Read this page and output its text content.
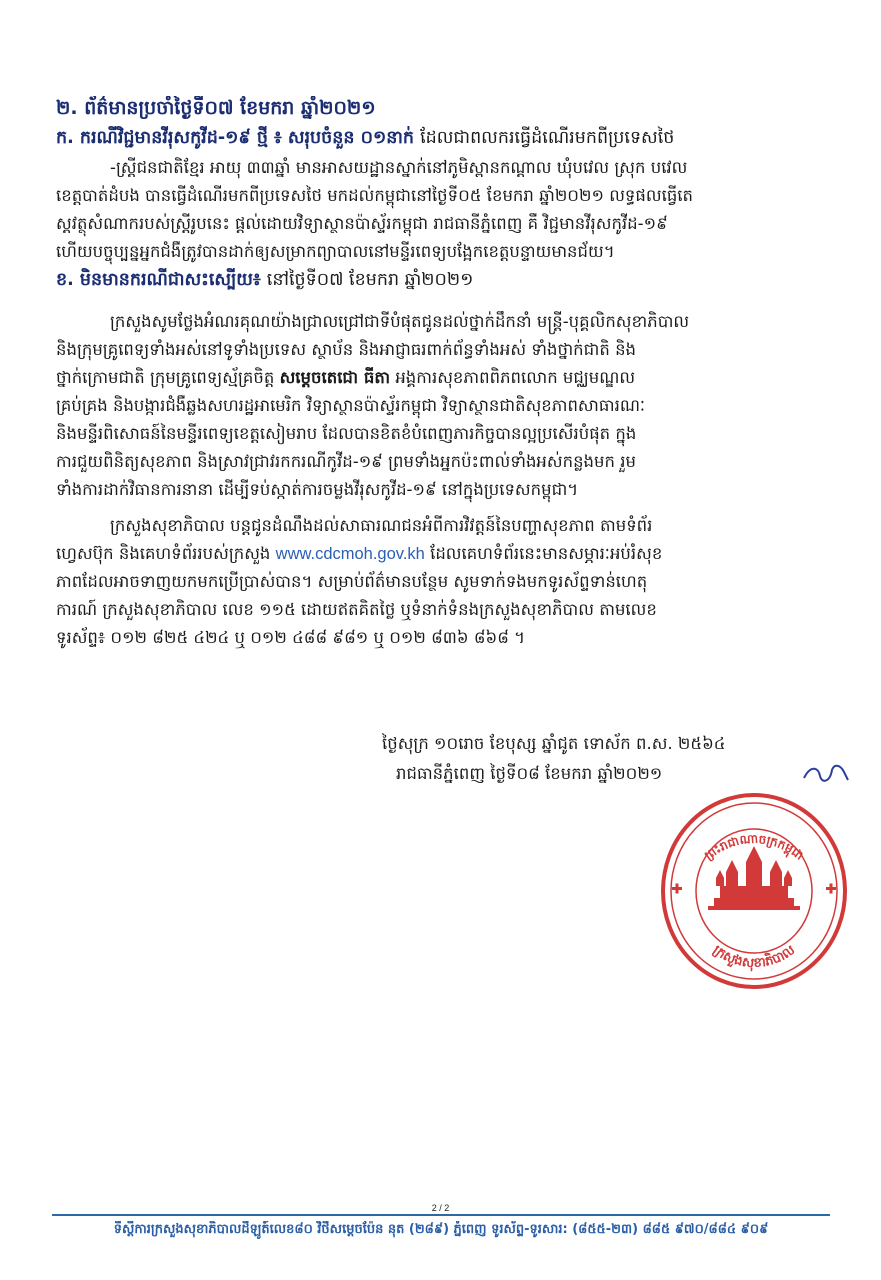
២. ព័ត៌មានប្រចាំថ្ងៃទី០៧ ខែមករា ឆ្នាំ២០២១
ក. ករណីវិជ្ជមានវីរុសកូវីដ-១៩ ថ្មី ៖ សរុបចំនួន ០១នាក់ ដែលជាពលករធ្វើដំណើរមកពីប្រទេសថៃ
-ស្ត្រីជនជាតិខ្មែរ អាយុ ៣៣ឆ្នាំ មានអាសយដ្ឋានស្នាក់នៅភូមិស្ពានកណ្តាល ឃុំបវេល ស្រុក បវេល
ខេត្តបាត់ដំបង បានធ្វើដំណើរមកពីប្រទេសថៃ មកដល់កម្ពុជានៅថ្ងៃទី០៥ ខែមករា ឆ្នាំ២០២១ លទ្ធផលធ្វើតេ
ស្តវត្ថុសំណាករបស់ស្ត្រីរូបនេះ ផ្តល់ដោយវិទ្យាស្ថានប៉ាស្ទ័រកម្ពុជា រាជធានីភ្នំពេញ គឺ វិជ្ជមានវីរុសកូវីដ-១៩
ហើយបច្ចុប្បន្នអ្នកជំងឺត្រូវបានដាក់ឲ្យសម្រាកព្យាបាលនៅមន្ទីរពេទ្យបង្អែកខេត្តបន្ទាយមានជ័យ។
ខ. មិនមានករណីជាសះស្បើយ៖ នៅថ្ងៃទី០៧ ខែមករា ឆ្នាំ២០២១
ក្រសួងសូមថ្លែងអំណរគុណយ៉ាងជ្រាលជ្រៅជាទីបំផុតជូនដល់ថ្នាក់ដឹកនាំ មន្ត្រី-បុគ្គលិកសុខាភិបាល
និងក្រុមគ្រូពេទ្យទាំងអស់នៅទូទាំងប្រទេស ស្ថាប័ន និងអាជ្ញាធរពាក់ព័ន្ធទាំងអស់ ទាំងថ្នាក់ជាតិ និង
ថ្នាក់ក្រោមជាតិ ក្រុមគ្រូពេទ្យស្ម័គ្រចិត្ត សម្តេចតេជោ ធីតា អង្គការសុខភាពពិភពលោក មជ្ឈមណ្ឌល
គ្រប់គ្រង និងបង្ការជំងឺឆ្លងសហរដ្ឋអាមេរិក វិទ្យាស្ថានប៉ាស្ទ័រកម្ពុជា វិទ្យាស្ថានជាតិសុខភាពសាធារណៈ
និងមន្ទីរពិសោធន៍នៃមន្ទីរពេទ្យខេត្តសៀមរាប ដែលបានខិតខំបំពេញភារកិច្ចបានល្អប្រសើរបំផុត ក្នុង
ការជួយពិនិត្យសុខភាព និងស្រាវជ្រាវរកករណីកូវីដ-១៩ ព្រមទាំងអ្នកប៉ះពាល់ទាំងអស់កន្លងមក រួម
ទាំងការដាក់វិធានការនានា ដើម្បីទប់ស្កាត់ការចម្លងវីរុសកូវីដ-១៩ នៅក្នុងប្រទេសកម្ពុជា។
ក្រសួងសុខាភិបាល បន្តជូនដំណឹងដល់សាធារណជនអំពីការវិវត្តន៍នៃបញ្ហាសុខភាព តាមទំព័រ
ហ្វេសប៊ុក និងគេហទំព័ររបស់ក្រសួង www.cdcmoh.gov.kh ដែលគេហទំព័រនេះមានសម្ភារៈអប់រំសុខ
ភាពដែលអាចទាញយកមកប្រើប្រាស់បាន។ សម្រាប់ព័ត៌មានបន្ថែម សូមទាក់ទងមកទូរស័ព្ទទាន់ហេតុ
ការណ៍ ក្រសួងសុខាភិបាល លេខ ១១៥ ដោយឥតគិតថ្លៃ ឬទំនាក់ទំនងក្រសួងសុខាភិបាល តាមលេខ
ទូរស័ព្ទ៖ ០១២ ៨២៥ ៤២៤ ឬ ០១២ ៤៨៨ ៩៨១ ឬ ០១២ ៨៣៦ ៨៦៨ ។
ថ្ងៃសុក្រ ១០រោច ខែបុស្ស ឆ្នាំជូត ទោស័ក ព.ស. ២៥៦៤
រាជធានីភ្នំពេញ ថ្ងៃទី០៨ ខែមករា ឆ្នាំ២០២១
ព្រះរាជាណាចក្រកម្ពុជា
ក្រសួងសុខាភិបាល
2 / 2
ទីស្តីការក្រសួងសុខាភិបាលដីឡូត៍លេខ៨០ វិថីសម្តេចប៉ែន នុត (២៨៩) ភ្នំពេញ ទូរស័ព្ទ-ទូរសារ: (៨៥៥-២៣) ៨៨៥ ៩៧០/៨៨៤ ៩០៩
